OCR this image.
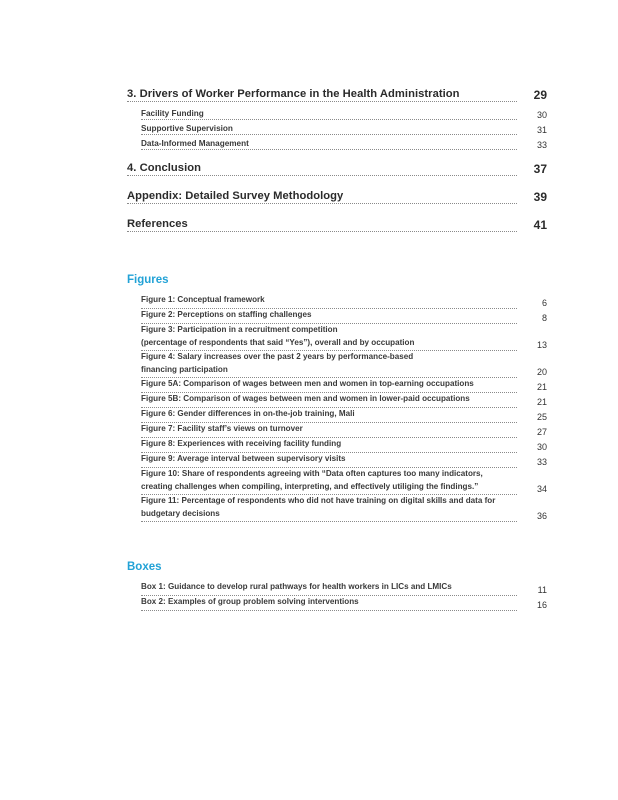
3. Drivers of Worker Performance in the Health Administration	29
Facility Funding	30
Supportive Supervision	31
Data-Informed Management	33
4. Conclusion	37
Appendix: Detailed Survey Methodology	39
References	41
Figures
Figure 1: Conceptual framework	6
Figure 2: Perceptions on staffing challenges	8
Figure 3: Participation in a recruitment competition
(percentage of respondents that said “Yes”), overall and by occupation	13
Figure 4: Salary increases over the past 2 years by performance-based
financing participation	20
Figure 5A: Comparison of wages between men and women in top-earning occupations	21
Figure 5B: Comparison of wages between men and women in lower-paid occupations	21
Figure 6: Gender differences in on-the-job training, Mali	25
Figure 7: Facility staff’s views on turnover	27
Figure 8: Experiences with receiving facility funding	30
Figure 9: Average interval between supervisory visits	33
Figure 10: Share of respondents agreeing with “Data often captures too many indicators,
creating challenges when compiling, interpreting, and effectively utiliging the findings.”	34
Figure 11: Percentage of respondents who did not have training on digital skills and data for
budgetary decisions	36
Boxes
Box 1: Guidance to develop rural pathways for health workers in LICs and LMICs	11
Box 2: Examples of group problem solving interventions	16
